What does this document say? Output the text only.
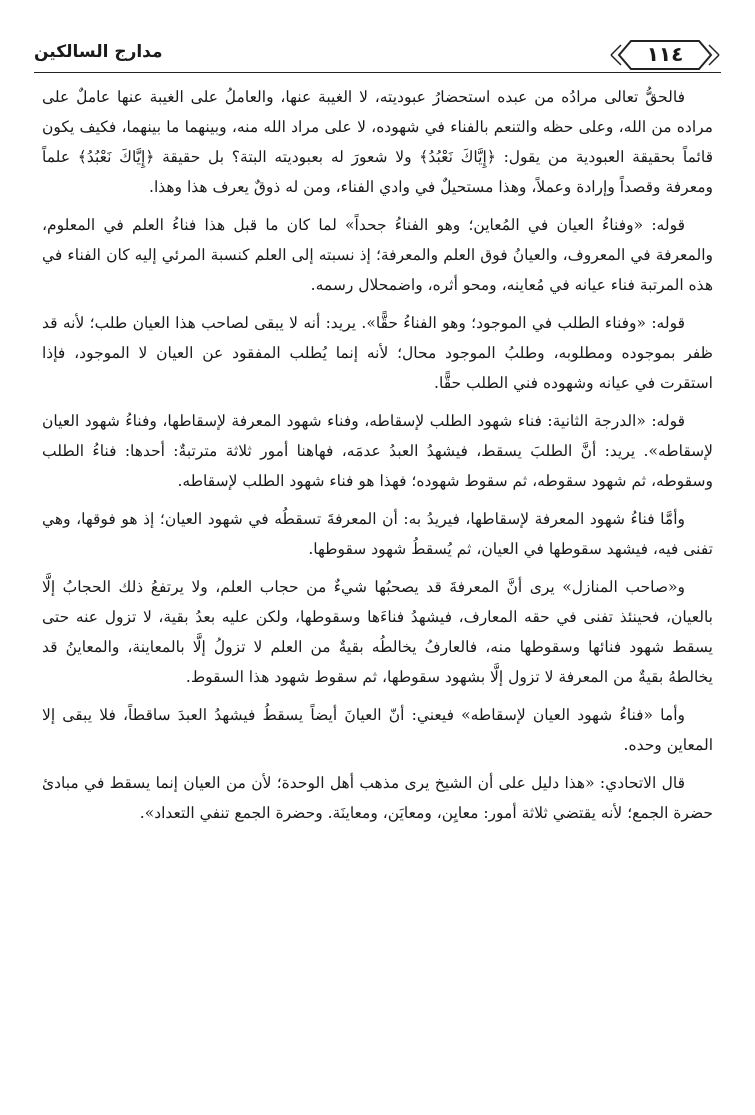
مدارج السالكين	١١٤

فالحقُّ تعالى مرادُه من عبده استحضارُ عبوديته، لا الغيبة عنها، والعاملُ على الغيبة عنها عاملٌ على مراده من الله، وعلى حظه والتنعم بالفناء في شهوده، لا على مراد الله منه، وبينهما ما بينهما، فكيف يكون قائماً بحقيقة العبودية من يقول: ﴿إِيَّاكَ نَعْبُدُ﴾ ولا شعورَ له بعبوديته البتة؟ بل حقيقة ﴿إِيَّاكَ نَعْبُدُ﴾ علماً ومعرفة وقصداً وإرادة وعملاً، وهذا مستحيلٌ في وادي الفناء، ومن له ذوقٌ يعرف هذا وهذا.

قوله: «وفناءُ العيان في المُعاين؛ وهو الفناءُ جحداً» لما كان ما قبل هذا فناءُ العلم في المعلوم، والمعرفة في المعروف، والعيانُ فوق العلم والمعرفة؛ إذ نسبته إلى العلم كنسبة المرئي إليه كان الفناء في هذه المرتبة فناء عيانه في مُعاينه، ومحو أثره، واضمحلال رسمه.

قوله: «وفناء الطلب في الموجود؛ وهو الفناءُ حقًّا». يريد: أنه لا يبقى لصاحب هذا العيان طلب؛ لأنه قد ظفر بموجوده ومطلوبه، وطلبُ الموجود محال؛ لأنه إنما يُطلب المفقود عن العيان لا الموجود، فإذا استقرت في عيانه وشهوده فني الطلب حقًّا.

قوله: «الدرجة الثانية: فناء شهود الطلب لإسقاطه، وفناء شهود المعرفة لإسقاطها، وفناءُ شهود العيان لإسقاطه». يريد: أنَّ الطلبَ يسقط، فيشهدُ العبدُ عدمَه، فهاهنا أمور ثلاثة مترتبةٌ: أحدها: فناءُ الطلب وسقوطه، ثم شهود سقوطه، ثم سقوط شهوده؛ فهذا هو فناء شهود الطلب لإسقاطه.

وأمَّا فناءُ شهود المعرفة لإسقاطها، فيريدُ به: أن المعرفةَ تسقطُه في شهود العيان؛ إذ هو فوقها، وهي تفنى فيه، فيشهد سقوطها في العيان، ثم يُسقطُ شهود سقوطها.

و«صاحب المنازل» يرى أنَّ المعرفةَ قد يصحبُها شيءٌ من حجاب العلم، ولا يرتفعُ ذلك الحجابُ إلَّا بالعيان، فحينئذ تفنى في حقه المعارف، فيشهدُ فناءَها وسقوطها، ولكن عليه بعدُ بقية، لا تزول عنه حتى يسقط شهود فنائها وسقوطها منه، فالعارفُ يخالطُه بقيةٌ من العلم لا تزولُ إلَّا بالمعاينة، والمعاينُ قد يخالطهُ بقيةٌ من المعرفة لا تزول إلَّا بشهود سقوطها، ثم سقوط شهود هذا السقوط.

وأما «فناءُ شهود العيان لإسقاطه» فيعني: أنّ العيانَ أيضاً يسقطُ فيشهدُ العبدَ ساقطاً، فلا يبقى إلا المعاين وحده.

قال الاتحادي: «هذا دليل على أن الشيخ يرى مذهب أهل الوحدة؛ لأن من العيان إنما يسقط في مبادئ حضرة الجمع؛ لأنه يقتضي ثلاثة أمور: معايِن، ومعايَن، ومعاينَة. وحضرة الجمع تنفي التعداد».
